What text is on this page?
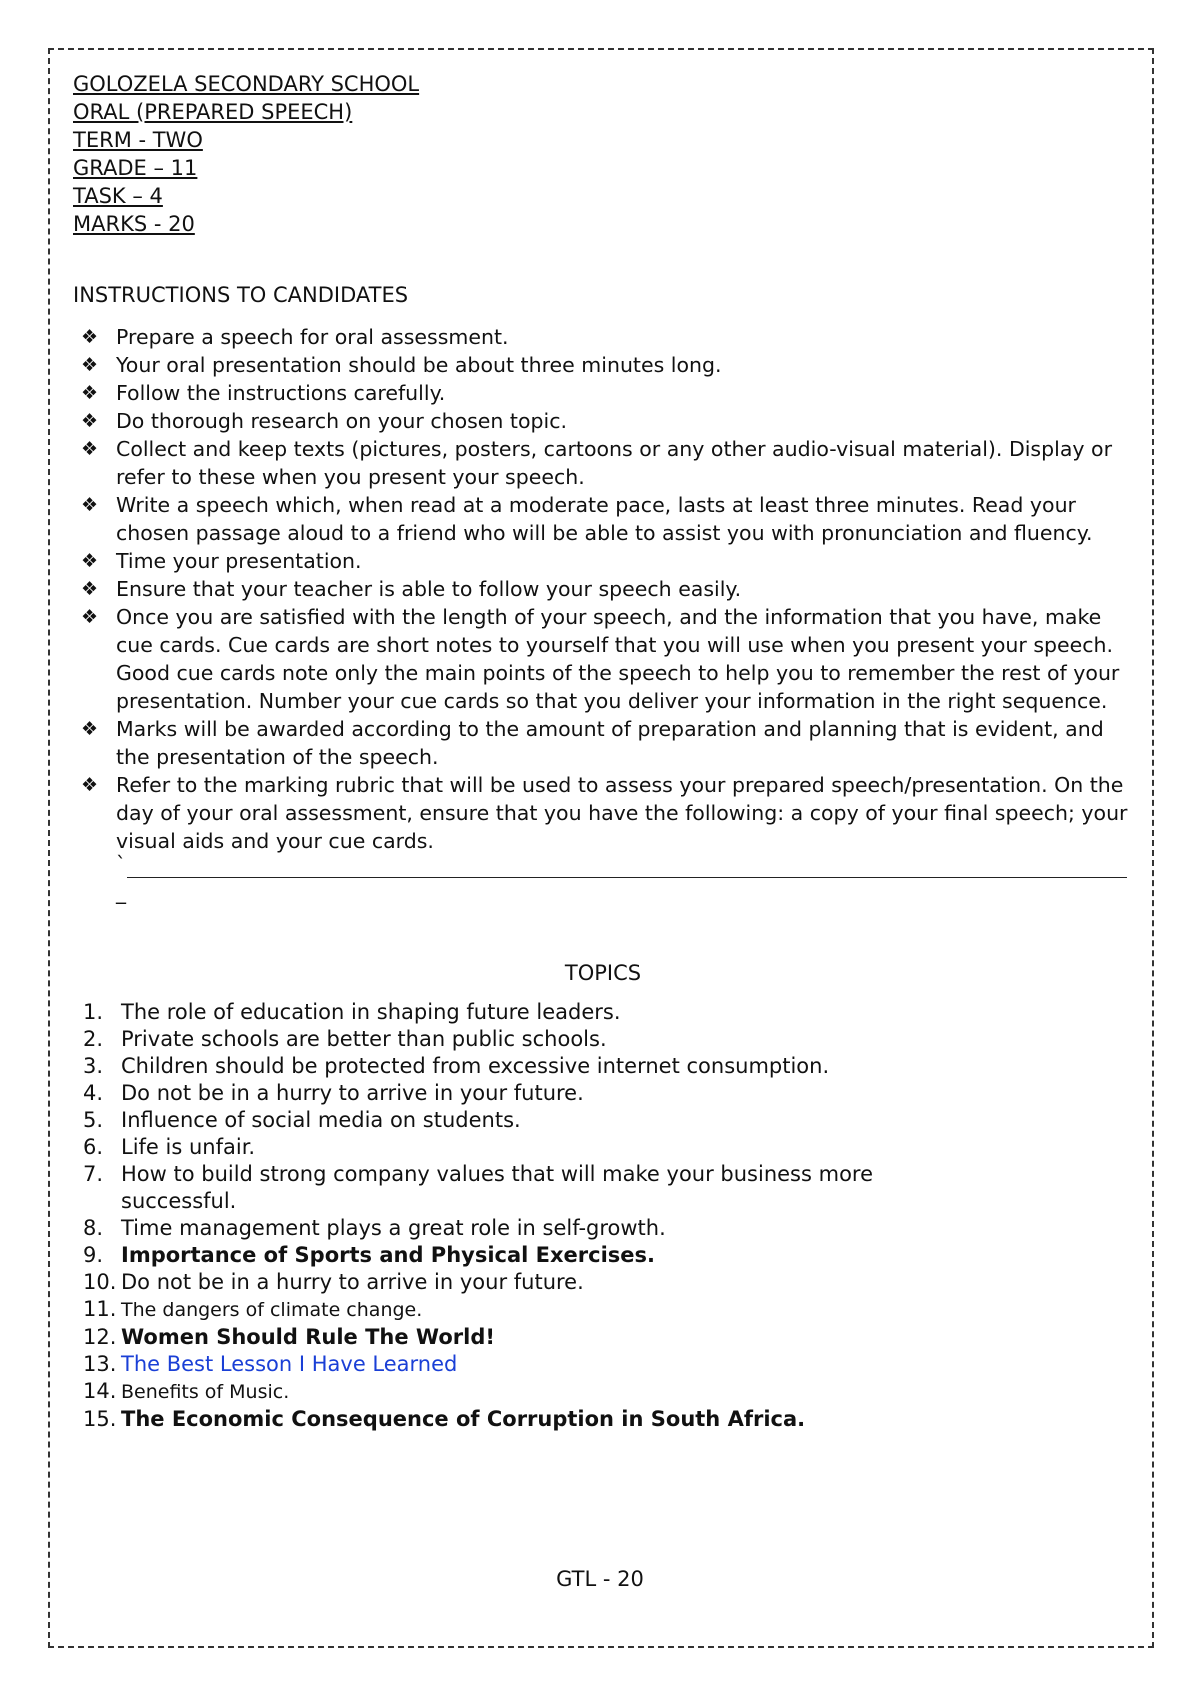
GOLOZELA SECONDARY SCHOOL

ORAL (PREPARED SPEECH)

TERM - TWO

GRADE – 11

TASK – 4

MARKS - 20

INSTRUCTIONS TO CANDIDATES
❖ Prepare a speech for oral assessment.
❖ Your oral presentation should be about three minutes long.
❖ Follow the instructions carefully.
❖ Do thorough research on your chosen topic.
❖ Collect and keep texts (pictures, posters, cartoons or any other audio-visual material). Display or refer to these when you present your speech.
❖ Write a speech which, when read at a moderate pace, lasts at least three minutes. Read your chosen passage aloud to a friend who will be able to assist you with pronunciation and fluency.
❖ Time your presentation.
❖ Ensure that your teacher is able to follow your speech easily.
❖ Once you are satisfied with the length of your speech, and the information that you have, make cue cards. Cue cards are short notes to yourself that you will use when you present your speech. Good cue cards note only the main points of the speech to help you to remember the rest of your presentation. Number your cue cards so that you deliver your information in the right sequence.
❖ Marks will be awarded according to the amount of preparation and planning that is evident, and the presentation of the speech.
❖ Refer to the marking rubric that will be used to assess your prepared speech/presentation. On the day of your oral assessment, ensure that you have the following: a copy of your final speech; your visual aids and your cue cards.
`
_
TOPICS
1. The role of education in shaping future leaders.
2. Private schools are better than public schools.
3. Children should be protected from excessive internet consumption.
4. Do not be in a hurry to arrive in your future.
5. Influence of social media on students.
6. Life is unfair.
7. How to build strong company values that will make your business more successful.
8. Time management plays a great role in self-growth.
9. Importance of Sports and Physical Exercises.
10. Do not be in a hurry to arrive in your future.
11. The dangers of climate change.
12. Women Should Rule The World!
13. The Best Lesson I Have Learned
14. Benefits of Music.
15. The Economic Consequence of Corruption in South Africa.
GTL - 20
